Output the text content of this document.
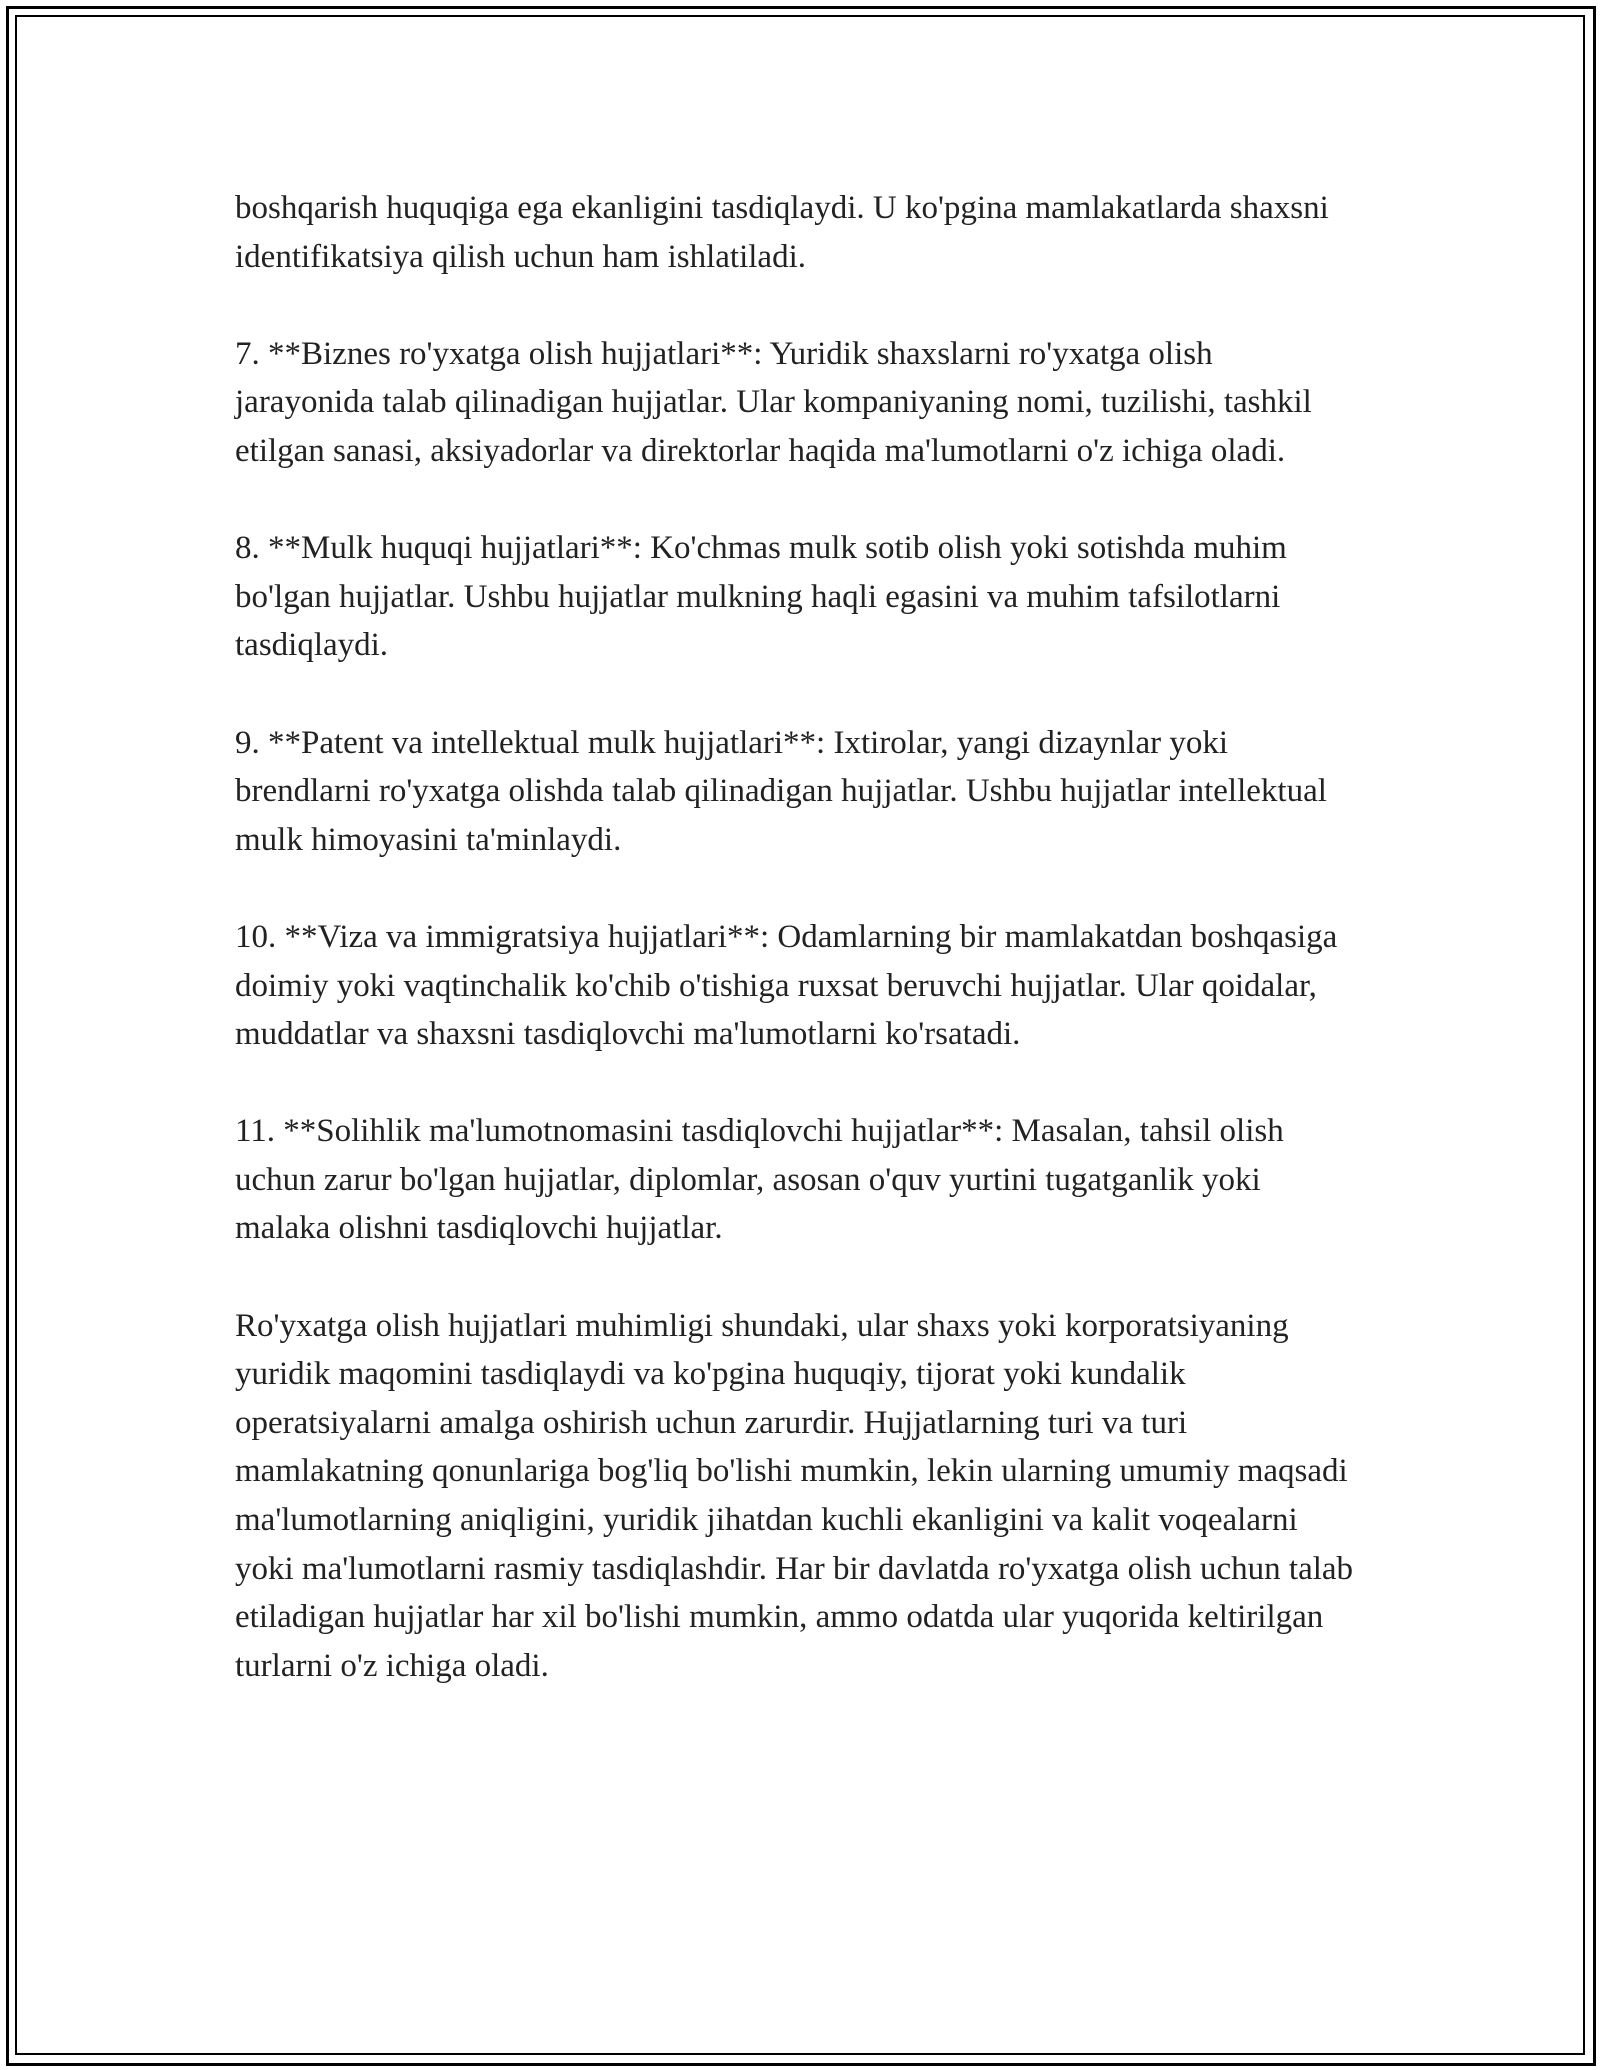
boshqarish huquqiga ega ekanligini tasdiqlaydi. U ko'pgina mamlakatlarda shaxsni identifikatsiya qilish uchun ham ishlatiladi.

7. **Biznes ro'yxatga olish hujjatlari**: Yuridik shaxslarni ro'yxatga olish jarayonida talab qilinadigan hujjatlar. Ular kompaniyaning nomi, tuzilishi, tashkil etilgan sanasi, aksiyadorlar va direktorlar haqida ma'lumotlarni o'z ichiga oladi.

8. **Mulk huquqi hujjatlari**: Ko'chmas mulk sotib olish yoki sotishda muhim bo'lgan hujjatlar. Ushbu hujjatlar mulkning haqli egasini va muhim tafsilotlarni tasdiqlaydi.

9. **Patent va intellektual mulk hujjatlari**: Ixtirolar, yangi dizaynlar yoki brendlarni ro'yxatga olishda talab qilinadigan hujjatlar. Ushbu hujjatlar intellektual mulk himoyasini ta'minlaydi.

10. **Viza va immigratsiya hujjatlari**: Odamlarning bir mamlakatdan boshqasiga doimiy yoki vaqtinchalik ko'chib o'tishiga ruxsat beruvchi hujjatlar. Ular qoidalar, muddatlar va shaxsni tasdiqlovchi ma'lumotlarni ko'rsatadi.

11. **Solihlik ma'lumotnomasini tasdiqlovchi hujjatlar**: Masalan, tahsil olish uchun zarur bo'lgan hujjatlar, diplomlar, asosan o'quv yurtini tugatganlik yoki malaka olishni tasdiqlovchi hujjatlar.

Ro'yxatga olish hujjatlari muhimligi shundaki, ular shaxs yoki korporatsiyaning yuridik maqomini tasdiqlaydi va ko'pgina huquqiy, tijorat yoki kundalik operatsiyalarni amalga oshirish uchun zarurdir. Hujjatlarning turi va turi mamlakatning qonunlariga bog'liq bo'lishi mumkin, lekin ularning umumiy maqsadi ma'lumotlarning aniqligini, yuridik jihatdan kuchli ekanligini va kalit voqealarni yoki ma'lumotlarni rasmiy tasdiqlashdir. Har bir davlatda ro'yxatga olish uchun talab etiladigan hujjatlar har xil bo'lishi mumkin, ammo odatda ular yuqorida keltirilgan turlarni o'z ichiga oladi.
